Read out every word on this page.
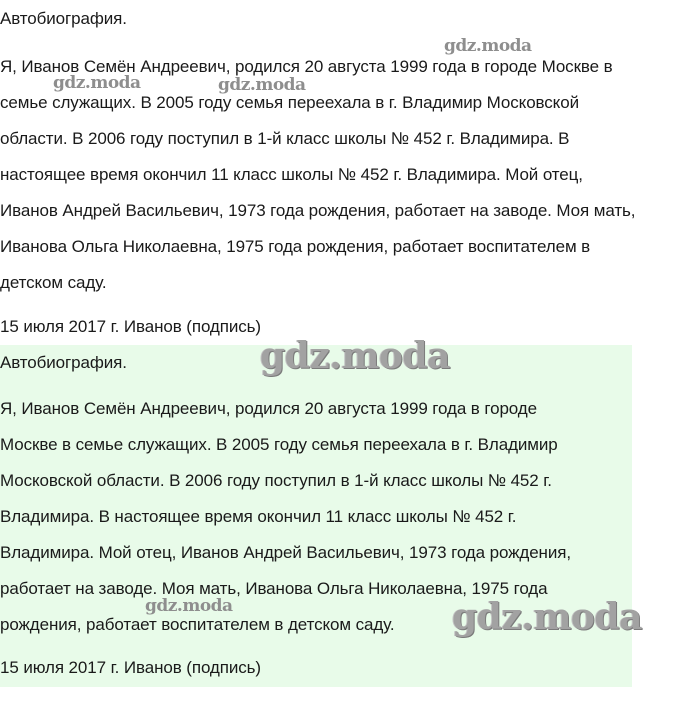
Автобиография.
Я, Иванов Семён Андреевич, родился 20 августа 1999 года в городе Москве в
семье служащих. В 2005 году семья переехала в г. Владимир Московской
области. В 2006 году поступил в 1-й класс школы № 452 г. Владимира. В
настоящее время окончил 11 класс школы № 452 г. Владимира. Мой отец,
Иванов Андрей Васильевич, 1973 года рождения, работает на заводе. Моя мать,
Иванова Ольга Николаевна, 1975 года рождения, работает воспитателем в
детском саду.
15 июля 2017 г. Иванов (подпись)
Автобиография.
Я, Иванов Семён Андреевич, родился 20 августа 1999 года в городе
Москве в семье служащих. В 2005 году семья переехала в г. Владимир
Московской области. В 2006 году поступил в 1-й класс школы № 452 г.
Владимира. В настоящее время окончил 11 класс школы № 452 г.
Владимира. Мой отец, Иванов Андрей Васильевич, 1973 года рождения,
работает на заводе. Моя мать, Иванова Ольга Николаевна, 1975 года
рождения, работает воспитателем в детском саду.
15 июля 2017 г. Иванов (подпись)
gdz.moda
gdz.moda	gdz.moda
gdz.moda
gdz.moda	gdz.moda
